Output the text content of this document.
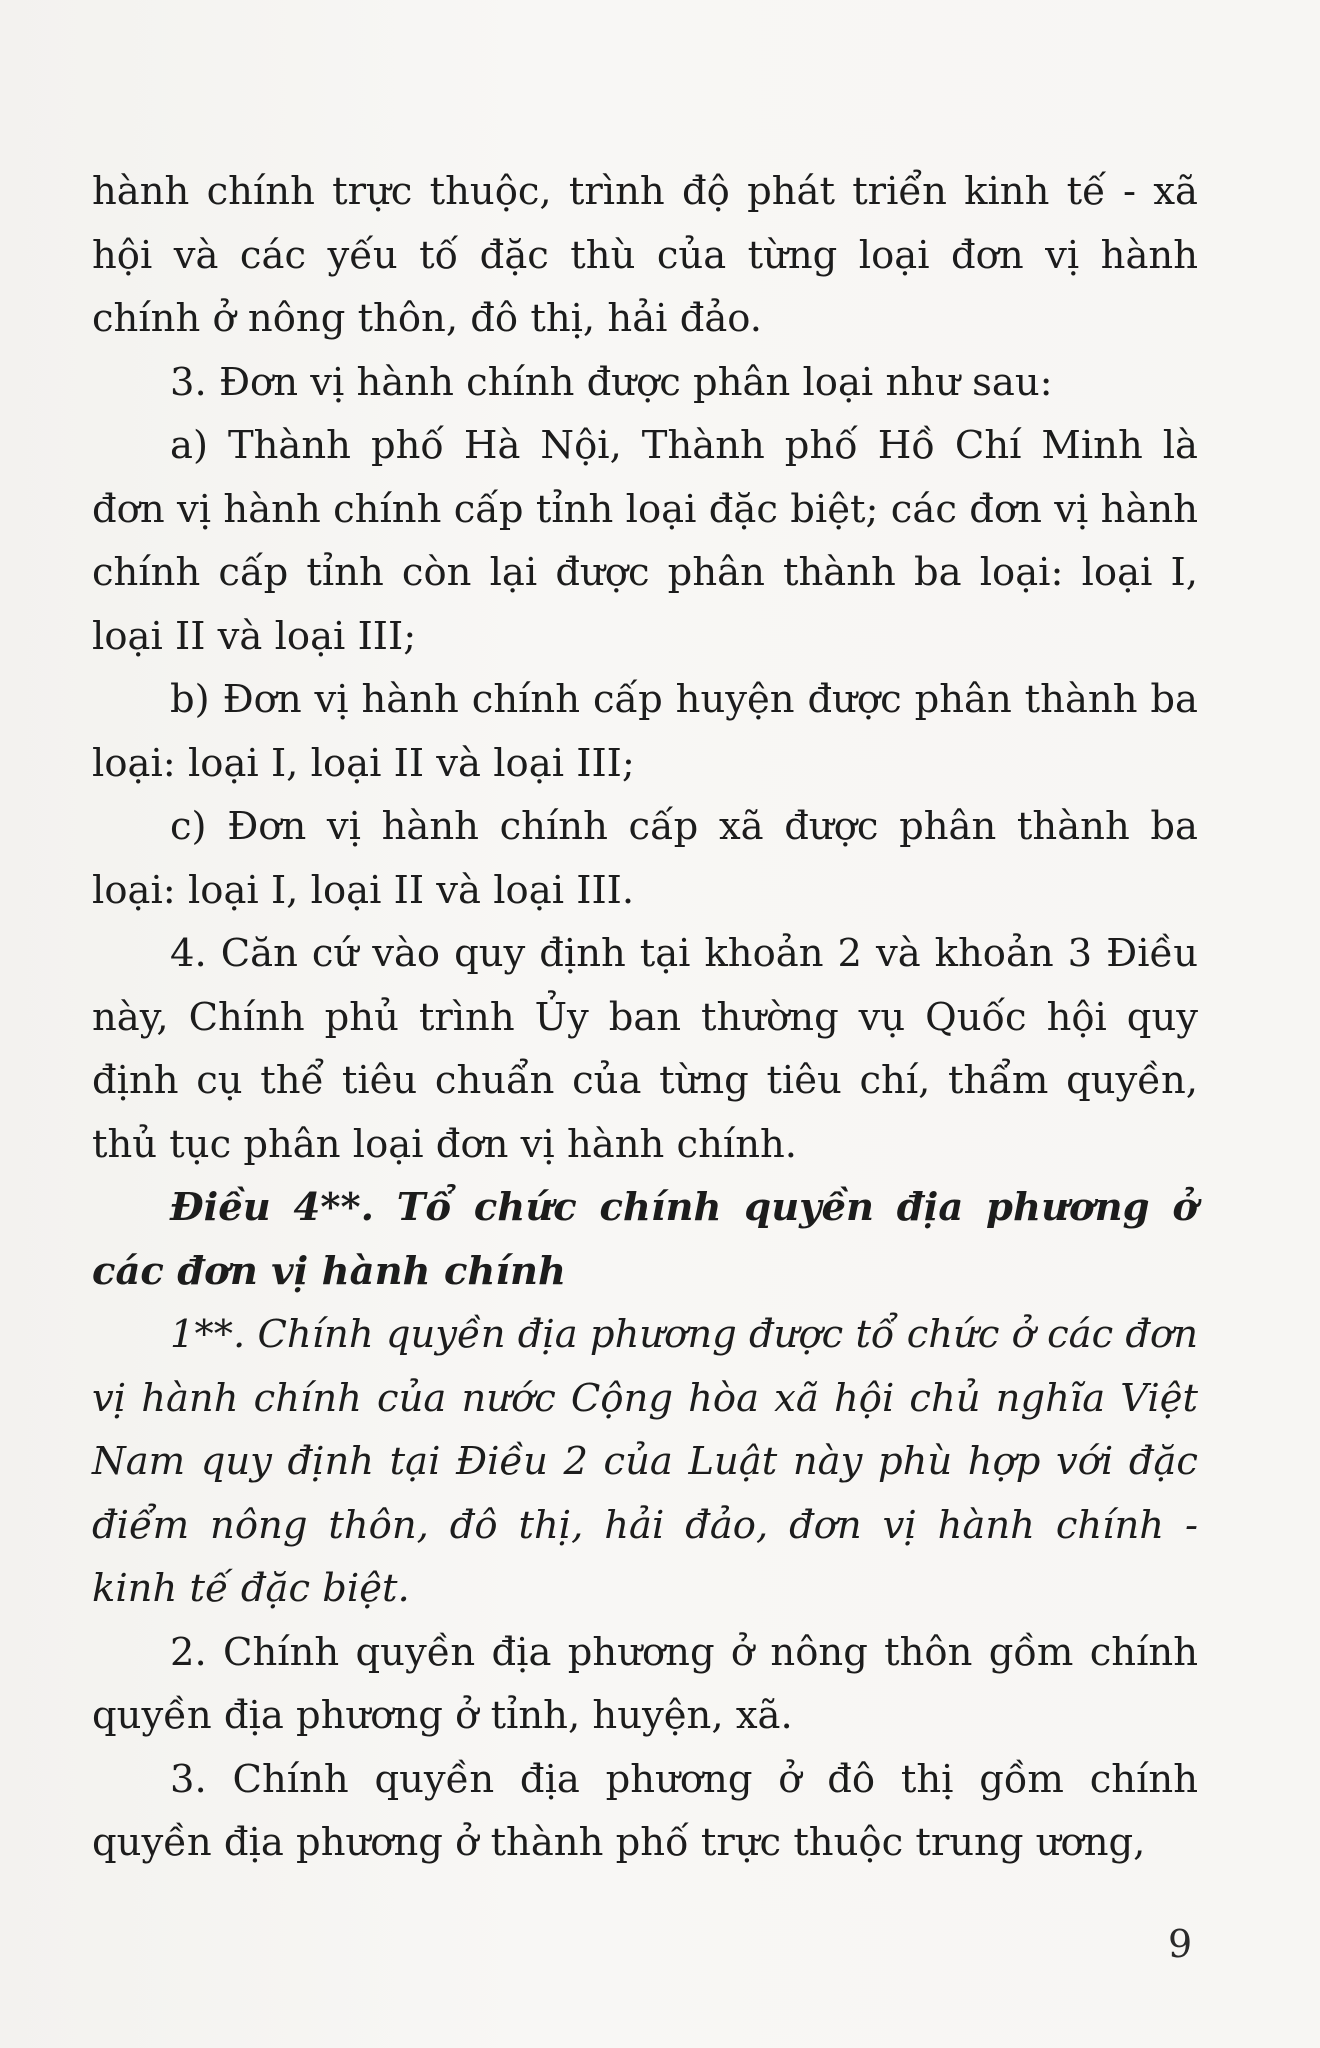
hành chính trực thuộc, trình độ phát triển kinh tế - xã hội và các yếu tố đặc thù của từng loại đơn vị hành chính ở nông thôn, đô thị, hải đảo.

3. Đơn vị hành chính được phân loại như sau:

a) Thành phố Hà Nội, Thành phố Hồ Chí Minh là đơn vị hành chính cấp tỉnh loại đặc biệt; các đơn vị hành chính cấp tỉnh còn lại được phân thành ba loại: loại I, loại II và loại III;

b) Đơn vị hành chính cấp huyện được phân thành ba loại: loại I, loại II và loại III;

c) Đơn vị hành chính cấp xã được phân thành ba loại: loại I, loại II và loại III.

4. Căn cứ vào quy định tại khoản 2 và khoản 3 Điều này, Chính phủ trình Ủy ban thường vụ Quốc hội quy định cụ thể tiêu chuẩn của từng tiêu chí, thẩm quyền, thủ tục phân loại đơn vị hành chính.

Điều 4**. Tổ chức chính quyền địa phương ở các đơn vị hành chính

1**. Chính quyền địa phương được tổ chức ở các đơn vị hành chính của nước Cộng hòa xã hội chủ nghĩa Việt Nam quy định tại Điều 2 của Luật này phù hợp với đặc điểm nông thôn, đô thị, hải đảo, đơn vị hành chính - kinh tế đặc biệt.

2. Chính quyền địa phương ở nông thôn gồm chính quyền địa phương ở tỉnh, huyện, xã.

3. Chính quyền địa phương ở đô thị gồm chính quyền địa phương ở thành phố trực thuộc trung ương,

9
